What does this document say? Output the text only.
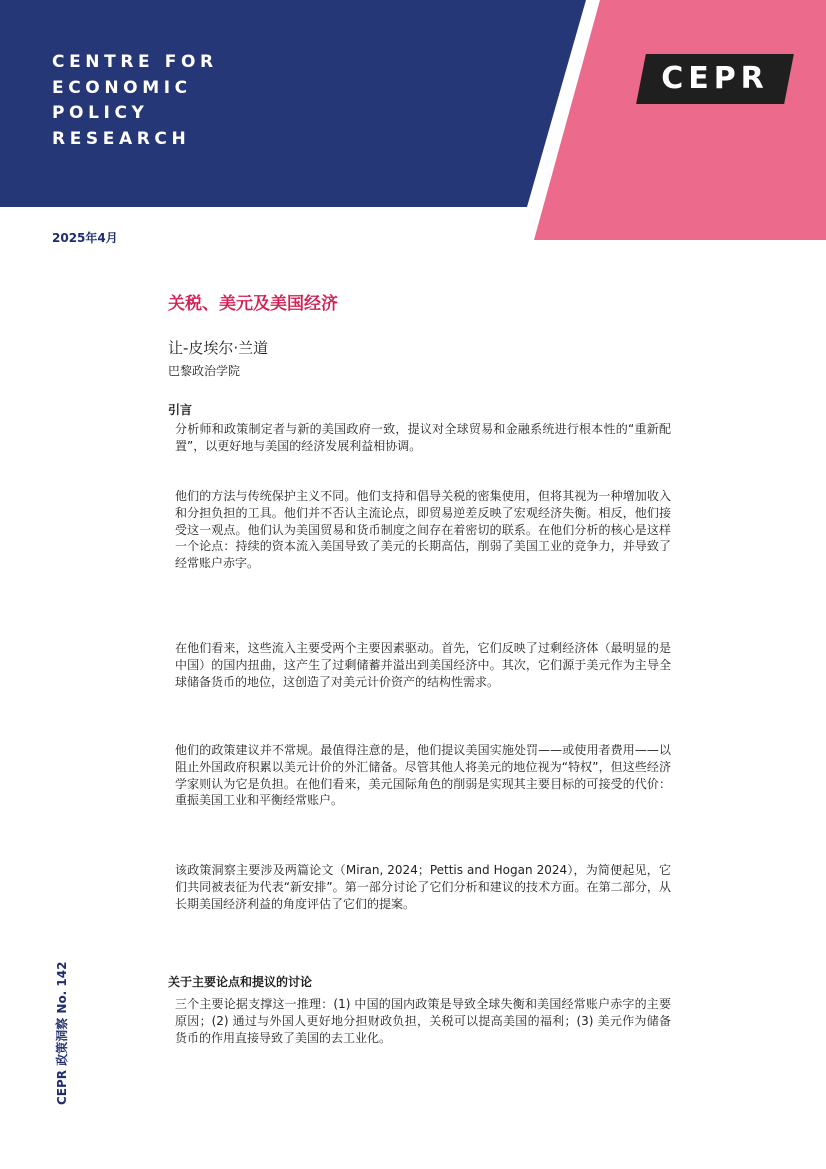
CENTRE FOR
ECONOMIC
POLICY
RESEARCH
CEPR
2025年4月
关税、美元及美国经济
让-皮埃尔·兰道
巴黎政治学院
引言
分析师和政策制定者与新的美国政府一致，提议对全球贸易和金融系统进行根本性的“重新配置”，以更好地与美国的经济发展利益相协调。
他们的方法与传统保护主义不同。他们支持和倡导关税的密集使用，但将其视为一种增加收入和分担负担的工具。他们并不否认主流论点，即贸易逆差反映了宏观经济失衡。相反，他们接受这一观点。他们认为美国贸易和货币制度之间存在着密切的联系。在他们分析的核心是这样一个论点：持续的资本流入美国导致了美元的长期高估，削弱了美国工业的竞争力，并导致了经常账户赤字。
在他们看来，这些流入主要受两个主要因素驱动。首先，它们反映了过剩经济体（最明显的是中国）的国内扭曲，这产生了过剩储蓄并溢出到美国经济中。其次，它们源于美元作为主导全球储备货币的地位，这创造了对美元计价资产的结构性需求。
他们的政策建议并不常规。最值得注意的是，他们提议美国实施处罚——或使用者费用——以阻止外国政府积累以美元计价的外汇储备。尽管其他人将美元的地位视为“特权”，但这些经济学家则认为它是负担。在他们看来，美元国际角色的削弱是实现其主要目标的可接受的代价：重振美国工业和平衡经常账户。
该政策洞察主要涉及两篇论文（Miran, 2024；Pettis and Hogan 2024），为简便起见，它们共同被表征为代表“新安排”。第一部分讨论了它们分析和建议的技术方面。在第二部分，从长期美国经济利益的角度评估了它们的提案。
关于主要论点和提议的讨论
三个主要论据支撑这一推理：(1) 中国的国内政策是导致全球失衡和美国经常账户赤字的主要原因；(2) 通过与外国人更好地分担财政负担，关税可以提高美国的福利；(3) 美元作为储备货币的作用直接导致了美国的去工业化。
CEPR 政策洞察 No. 142
